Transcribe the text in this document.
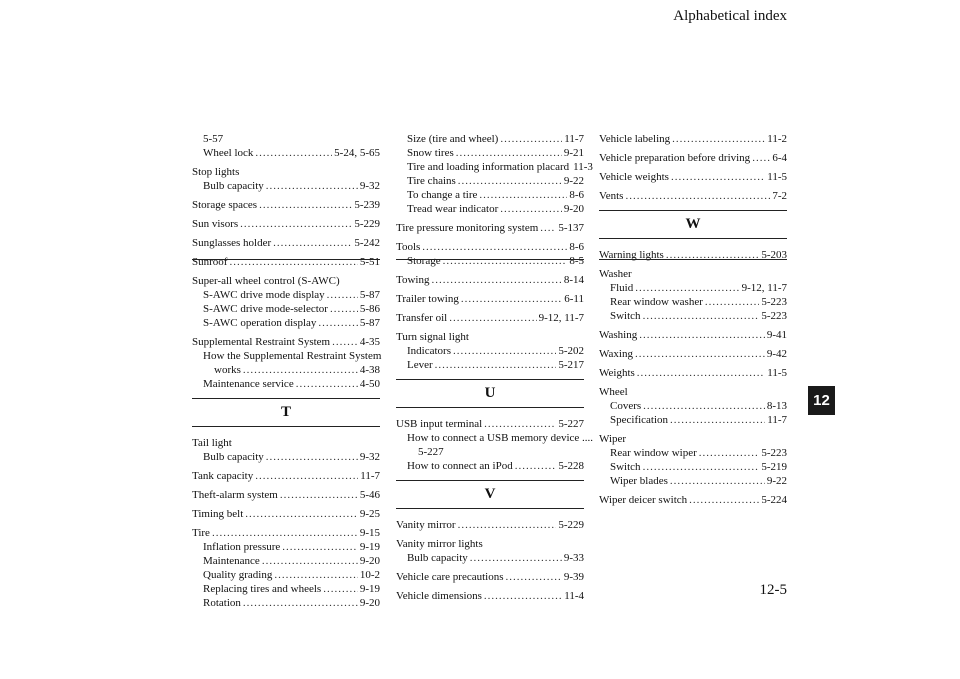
Alphabetical index
12
12-5
5-57
Wheel lock .....	5-24, 5-65
Stop lights
Bulb capacity .....	9-32
Storage spaces .....	5-239
Sun visors .....	5-229
Sunglasses holder .....	5-242
Sunroof .....	5-51
Super-all wheel control (S-AWC)
S-AWC drive mode display .....	5-87
S-AWC drive mode-selector .....	5-86
S-AWC operation display .....	5-87
Supplemental Restraint System .....	4-35
How the Supplemental Restraint System
works .....	4-38
Maintenance service .....	4-50
T
Tail light
Bulb capacity .....	9-32
Tank capacity .....	11-7
Theft-alarm system .....	5-46
Timing belt .....	9-25
Tire .....	9-15
Inflation pressure .....	9-19
Maintenance .....	9-20
Quality grading .....	10-2
Replacing tires and wheels .....	9-19
Rotation .....	9-20
Size (tire and wheel) .....	11-7
Snow tires .....	9-21
Tire and loading information placard 11-3
Tire chains .....	9-22
To change a tire .....	8-6
Tread wear indicator .....	9-20
Tire pressure monitoring system ..... 5-137
Tools .....	8-6
Storage .....	8-5
Towing .....	8-14
Trailer towing .....	6-11
Transfer oil .....	9-12, 11-7
Turn signal light
Indicators .....	5-202
Lever .....	5-217
U
USB input terminal .....	5-227
How to connect a USB memory device ....
5-227
How to connect an iPod .....	5-228
V
Vanity mirror .....	5-229
Vanity mirror lights
Bulb capacity .....	9-33
Vehicle care precautions .....	9-39
Vehicle dimensions .....	11-4
Vehicle labeling .....	11-2
Vehicle preparation before driving ..... 6-4
Vehicle weights .....	11-5
Vents .....	7-2
W
Warning lights .....	5-203
Washer
Fluid .....	9-12, 11-7
Rear window washer .....	5-223
Switch .....	5-223
Washing .....	9-41
Waxing .....	9-42
Weights .....	11-5
Wheel
Covers .....	8-13
Specification .....	11-7
Wiper
Rear window wiper .....	5-223
Switch .....	5-219
Wiper blades .....	9-22
Wiper deicer switch .....	5-224
